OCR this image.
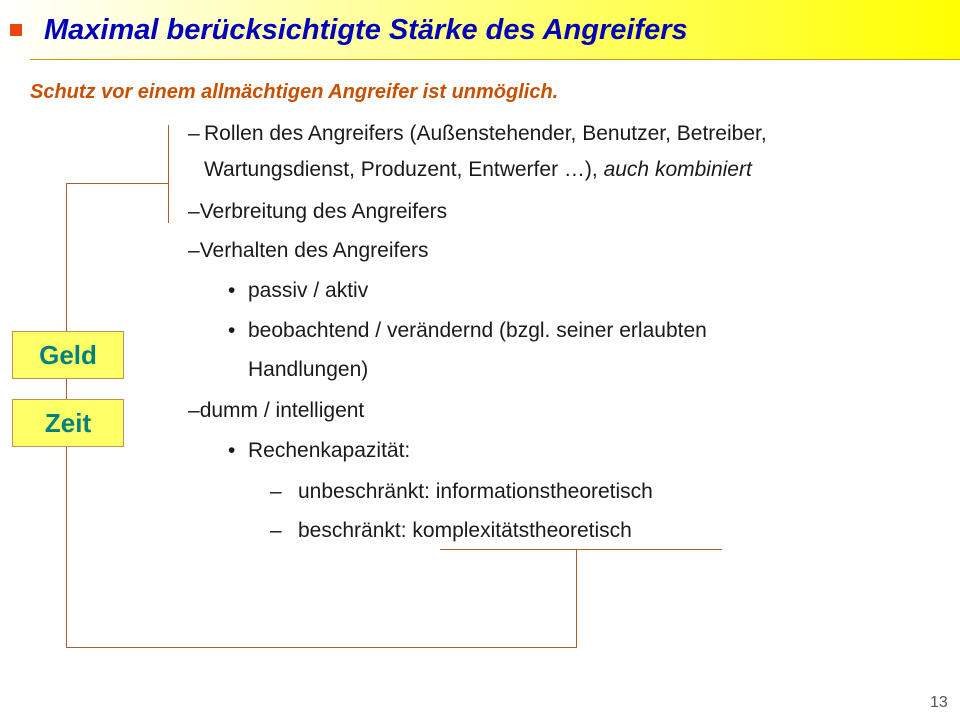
Maximal berücksichtigte Stärke des Angreifers
Schutz vor einem allmächtigen Angreifer ist unmöglich.
– Rollen des Angreifers (Außenstehender, Benutzer, Betreiber,
Wartungsdienst, Produzent, Entwerfer …), auch kombiniert
–Verbreitung des Angreifers
–Verhalten des Angreifers
• passiv / aktiv
• beobachtend / verändernd (bzgl. seiner erlaubten
Handlungen)
–dumm / intelligent
• Rechenkapazität:
– unbeschränkt: informationstheoretisch
– beschränkt: komplexitätstheoretisch
Geld
Zeit
13
